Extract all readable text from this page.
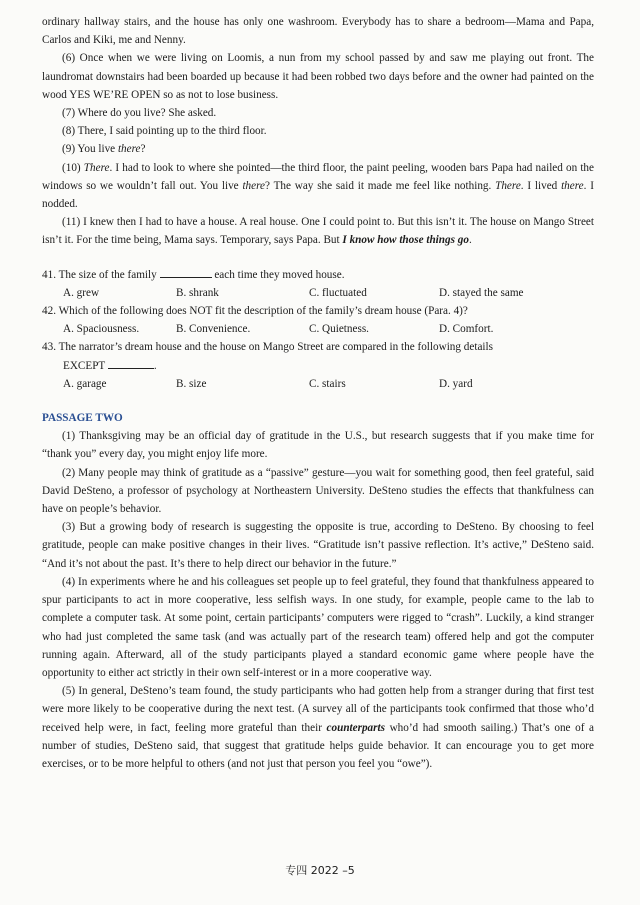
ordinary hallway stairs, and the house has only one washroom. Everybody has to share a bedroom—Mama and Papa, Carlos and Kiki, me and Nenny.

(6) Once when we were living on Loomis, a nun from my school passed by and saw me playing out front. The laundromat downstairs had been boarded up because it had been robbed two days before and the owner had painted on the wood YES WE’RE OPEN so as not to lose business.

(7) Where do you live? She asked.

(8) There, I said pointing up to the third floor.

(9) You live there?

(10) There. I had to look to where she pointed—the third floor, the paint peeling, wooden bars Papa had nailed on the windows so we wouldn’t fall out. You live there? The way she said it made me feel like nothing. There. I lived there. I nodded.

(11) I knew then I had to have a house. A real house. One I could point to. But this isn’t it. The house on Mango Street isn’t it. For the time being, Mama says. Temporary, says Papa. But I know how those things go.

41. The size of the family	each time they moved house.
A. grew	B. shrank	C. fluctuated	D. stayed the same
42. Which of the following does NOT fit the description of the family’s dream house (Para. 4)?
A. Spaciousness.	B. Convenience.	C. Quietness.	D. Comfort.
43. The narrator’s dream house and the house on Mango Street are compared in the following details
EXCEPT	.
A. garage	B. size	C. stairs	D. yard
PASSAGE TWO

(1) Thanksgiving may be an official day of gratitude in the U.S., but research suggests that if you make time for “thank you” every day, you might enjoy life more.

(2) Many people may think of gratitude as a “passive” gesture—you wait for something good, then feel grateful, said David DeSteno, a professor of psychology at Northeastern University. DeSteno studies the effects that thankfulness can have on people’s behavior.

(3) But a growing body of research is suggesting the opposite is true, according to DeSteno. By choosing to feel gratitude, people can make positive changes in their lives. “Gratitude isn’t passive reflection. It’s active,” DeSteno said. “And it’s not about the past. It’s there to help direct our behavior in the future.”

(4) In experiments where he and his colleagues set people up to feel grateful, they found that thankfulness appeared to spur participants to act in more cooperative, less selfish ways. In one study, for example, people came to the lab to complete a computer task. At some point, certain participants’ computers were rigged to “crash”. Luckily, a kind stranger who had just completed the same task (and was actually part of the research team) offered help and got the computer running again. Afterward, all of the study participants played a standard economic game where people have the opportunity to either act strictly in their own self-interest or in a more cooperative way.

(5) In general, DeSteno’s team found, the study participants who had gotten help from a stranger during that first test were more likely to be cooperative during the next test. (A survey all of the participants took confirmed that those who’d received help were, in fact, feeling more grateful than their counterparts who’d had smooth sailing.) That’s one of a number of studies, DeSteno said, that suggest that gratitude helps guide behavior. It can encourage you to get more exercises, or to be more helpful to others (and not just that person you feel you “owe”).

专四 2022 –5
